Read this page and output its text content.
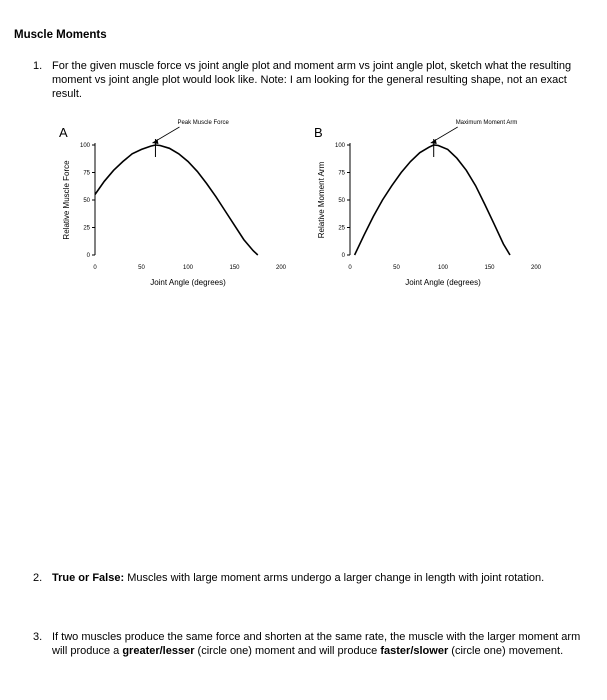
Muscle Moments
1. For the given muscle force vs joint angle plot and moment arm vs joint angle plot, sketch what the resulting moment vs joint angle plot would look like. Note: I am looking for the general resulting shape, not an exact result.
A
0
25
50
75
100
0	50	100	150	200
Joint Angle (degrees)
Relative Muscle Force
Peak Muscle Force
B
0
25
50
75
100
0	50	100	150	200
Joint Angle (degrees)
Relative Moment Arm
Maximum Moment Arm
2. True or False: Muscles with large moment arms undergo a larger change in length with joint rotation.
3. If two muscles produce the same force and shorten at the same rate, the muscle with the larger moment arm will produce a greater/lesser (circle one) moment and will produce faster/slower (circle one) movement.
